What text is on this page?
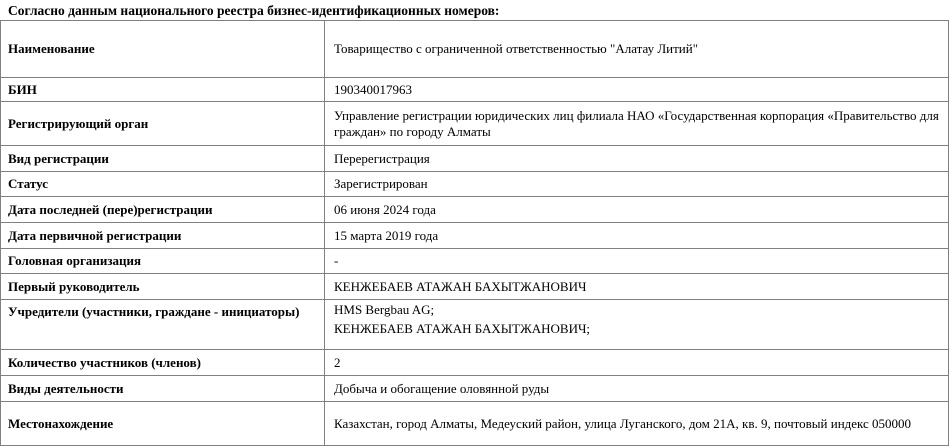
Согласно данным национального реестра бизнес-идентификационных номеров:
Наименование	Товарищество с ограниченной ответственностью "Алатау Литий"
БИН	190340017963
Регистрирующий орган	Управление регистрации юридических лиц филиала НАО «Государственная корпорация «Правительство для граждан» по городу Алматы
Вид регистрации	Перерегистрация
Статус	Зарегистрирован
Дата последней (пере)регистрации	06 июня 2024 года
Дата первичной регистрации	15 марта 2019 года
Головная организация	-
Первый руководитель	КЕНЖЕБАЕВ АТАЖАН БАХЫТЖАНОВИЧ
Учредители (участники, граждане - инициаторы)	HMS Bergbau AG;
КЕНЖЕБАЕВ АТАЖАН БАХЫТЖАНОВИЧ;

Количество участников (членов)	2
Виды деятельности	Добыча и обогащение оловянной руды
Местонахождение	Казахстан, город Алматы, Медеуский район, улица Луганского, дом 21А, кв. 9, почтовый индекс 050000
